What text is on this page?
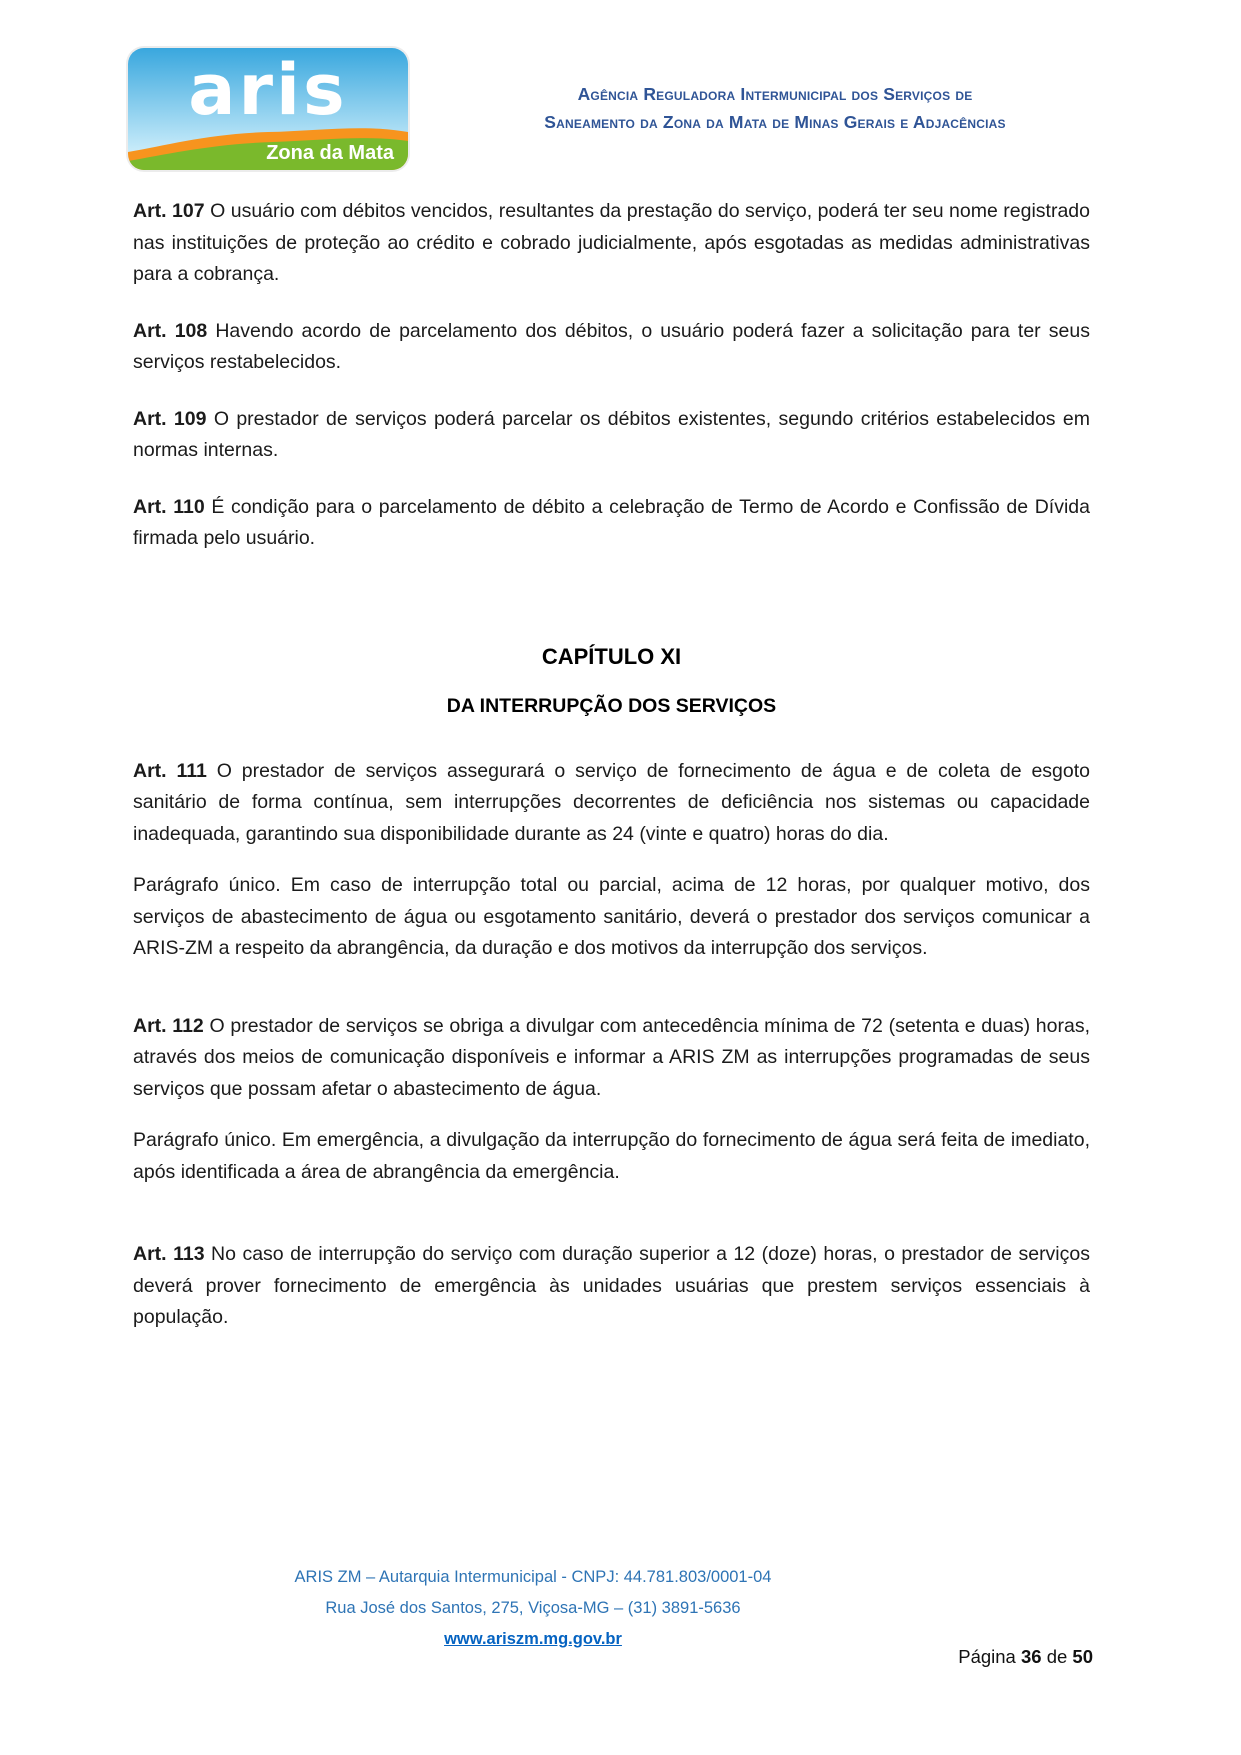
aris
Zona da Mata
Agência Reguladora Intermunicipal dos Serviços de
Saneamento da Zona da Mata de Minas Gerais e Adjacências

Art. 107 O usuário com débitos vencidos, resultantes da prestação do serviço, poderá ter seu nome registrado nas instituições de proteção ao crédito e cobrado judicialmente, após esgotadas as medidas administrativas para a cobrança.

Art. 108 Havendo acordo de parcelamento dos débitos, o usuário poderá fazer a solicitação para ter seus serviços restabelecidos.

Art. 109 O prestador de serviços poderá parcelar os débitos existentes, segundo critérios estabelecidos em normas internas.

Art. 110 É condição para o parcelamento de débito a celebração de Termo de Acordo e Confissão de Dívida firmada pelo usuário.

CAPÍTULO XI
DA INTERRUPÇÃO DOS SERVIÇOS

Art. 111 O prestador de serviços assegurará o serviço de fornecimento de água e de coleta de esgoto sanitário de forma contínua, sem interrupções decorrentes de deficiência nos sistemas ou capacidade inadequada, garantindo sua disponibilidade durante as 24 (vinte e quatro) horas do dia.

Parágrafo único. Em caso de interrupção total ou parcial, acima de 12 horas, por qualquer motivo, dos serviços de abastecimento de água ou esgotamento sanitário, deverá o prestador dos serviços comunicar a ARIS-ZM a respeito da abrangência, da duração e dos motivos da interrupção dos serviços.

Art. 112 O prestador de serviços se obriga a divulgar com antecedência mínima de 72 (setenta e duas) horas, através dos meios de comunicação disponíveis e informar a ARIS ZM as interrupções programadas de seus serviços que possam afetar o abastecimento de água.

Parágrafo único. Em emergência, a divulgação da interrupção do fornecimento de água será feita de imediato, após identificada a área de abrangência da emergência.

Art. 113 No caso de interrupção do serviço com duração superior a 12 (doze) horas, o prestador de serviços deverá prover fornecimento de emergência às unidades usuárias que prestem serviços essenciais à população.

ARIS ZM – Autarquia Intermunicipal - CNPJ: 44.781.803/0001-04
Rua José dos Santos, 275, Viçosa-MG – (31) 3891-5636
www.ariszm.mg.gov.br
Página 36 de 50
